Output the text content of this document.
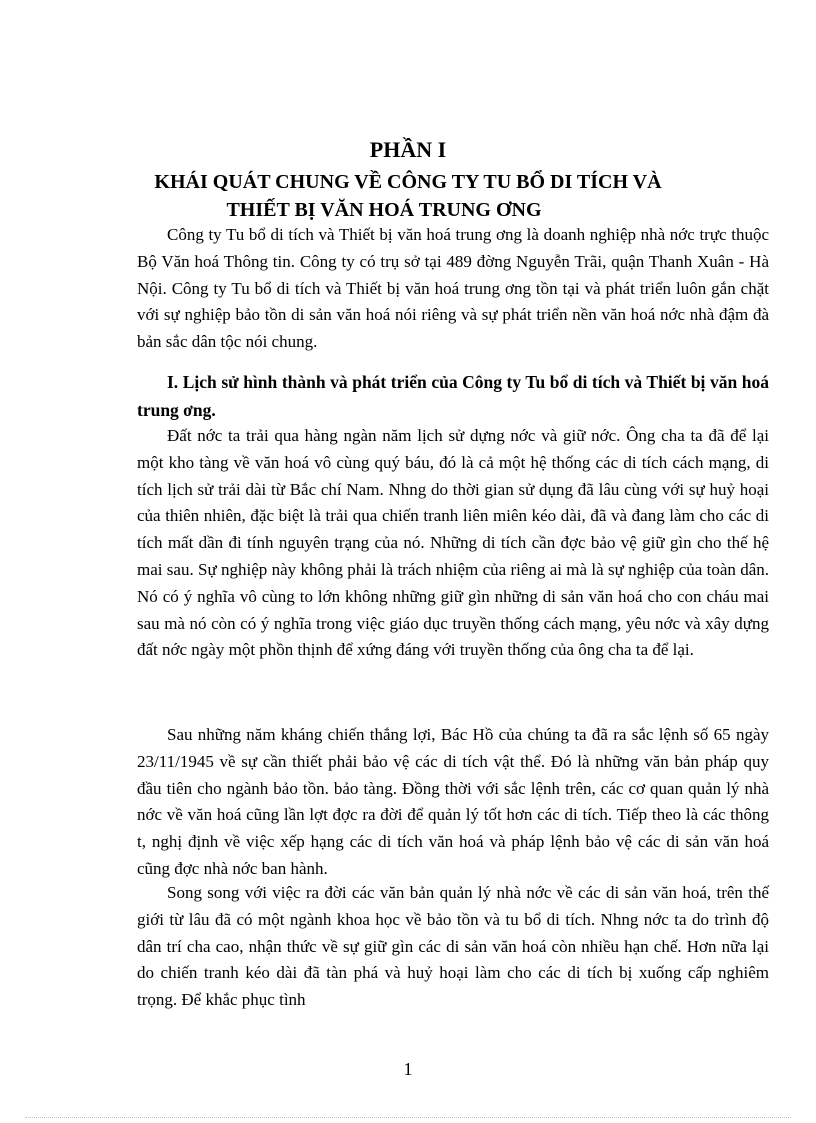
PHẦN I
KHÁI QUÁT CHUNG VỀ CÔNG TY TU BỔ DI TÍCH VÀ
THIẾT BỊ VĂN HOÁ TRUNG ƠNG

Công ty Tu bổ di tích và Thiết bị văn hoá trung ơng là doanh nghiệp nhà nớc trực thuộc Bộ Văn hoá Thông tin. Công ty có trụ sở tại 489 đờng Nguyễn Trãi, quận Thanh Xuân - Hà Nội. Công ty Tu bổ di tích và Thiết bị văn hoá trung ơng tồn tại và phát triển luôn gắn chặt với sự nghiệp bảo tồn di sản văn hoá nói riêng và sự phát triển nền văn hoá nớc nhà đậm đà bản sắc dân tộc nói chung.

I. Lịch sử hình thành và phát triển của Công ty Tu bổ di tích và Thiết bị văn hoá trung ơng.

Đất nớc ta trải qua hàng ngàn năm lịch sử dựng nớc và giữ nớc. Ông cha ta đã để lại một kho tàng về văn hoá vô cùng quý báu, đó là cả một hệ thống các di tích cách mạng, di tích lịch sử trải dài từ Bắc chí Nam. Nhng do thời gian sử dụng đã lâu cùng với sự huỷ hoại của thiên nhiên, đặc biệt là trải qua chiến tranh liên miên kéo dài, đã và đang làm cho các di tích mất dần đi tính nguyên trạng của nó. Những di tích cần đợc bảo vệ giữ gìn cho thế hệ mai sau. Sự nghiệp này không phải là trách nhiệm của riêng ai mà là sự nghiệp của toàn dân. Nó có ý nghĩa vô cùng to lớn không những giữ gìn những di sản văn hoá cho con cháu mai sau mà nó còn có ý nghĩa trong việc giáo dục truyền thống cách mạng, yêu nớc và xây dựng đất nớc ngày một phồn thịnh để xứng đáng với truyền thống của ông cha ta để lại.

Sau những năm kháng chiến thắng lợi, Bác Hồ của chúng ta đã ra sắc lệnh số 65 ngày 23/11/1945 về sự cần thiết phải bảo vệ các di tích vật thể. Đó là những văn bản pháp quy đầu tiên cho ngành bảo tồn. bảo tàng. Đồng thời với sắc lệnh trên, các cơ quan quản lý nhà nớc về văn hoá cũng lần lợt đợc ra đời để quản lý tốt hơn các di tích. Tiếp theo là các thông t, nghị định về việc xếp hạng các di tích văn hoá và pháp lệnh bảo vệ các di sản văn hoá cũng đợc nhà nớc ban hành.

Song song với việc ra đời các văn bản quản lý nhà nớc về các di sản văn hoá, trên thế giới từ lâu đã có một ngành khoa học về bảo tồn và tu bổ di tích. Nhng nớc ta do trình độ dân trí cha cao, nhận thức về sự giữ gìn các di sản văn hoá còn nhiều hạn chế. Hơn nữa lại do chiến tranh kéo dài đã tàn phá và huỷ hoại làm cho các di tích bị xuống cấp nghiêm trọng. Để khắc phục tình

1
